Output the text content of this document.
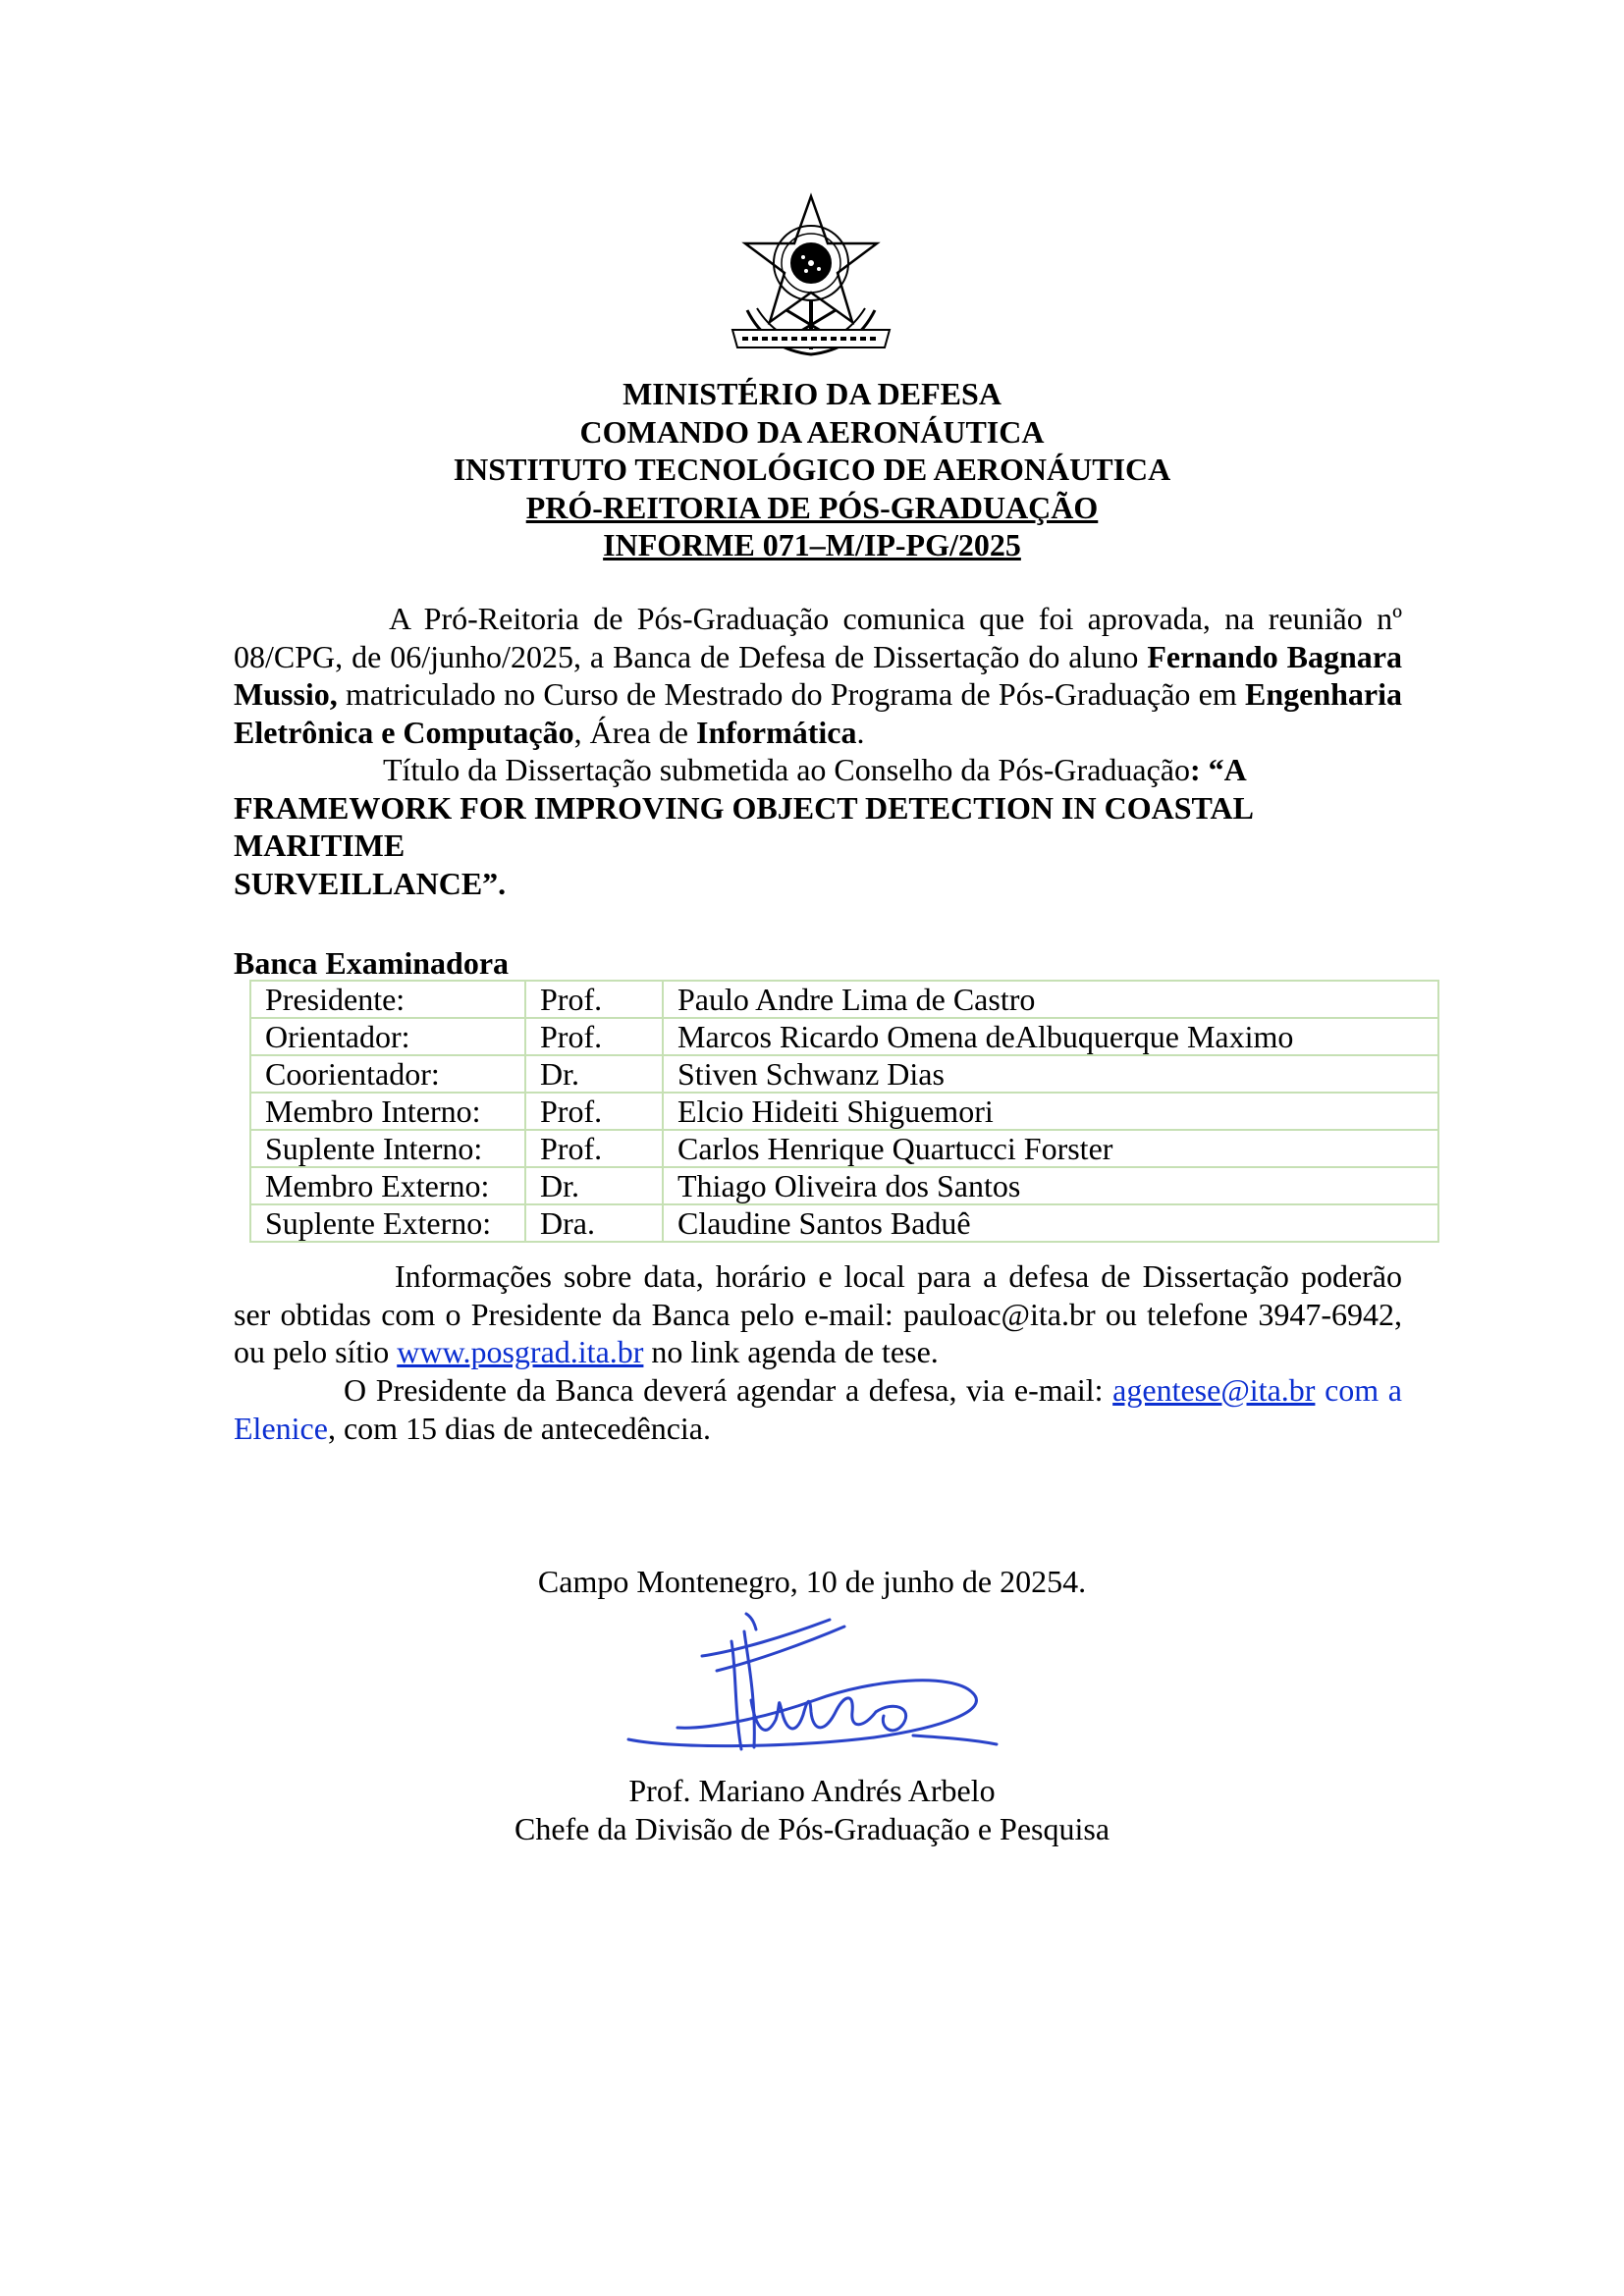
MINISTÉRIO DA DEFESA
COMANDO DA AERONÁUTICA
INSTITUTO TECNOLÓGICO DE AERONÁUTICA
PRÓ-REITORIA DE PÓS-GRADUAÇÃO
INFORME 071–M/IP-PG/2025
A Pró-Reitoria de Pós-Graduação comunica que foi aprovada, na reunião nº 08/CPG, de 06/junho/2025, a Banca de Defesa de Dissertação do aluno Fernando Bagnara Mussio, matriculado no Curso de Mestrado do Programa de Pós-Graduação em Engenharia Eletrônica e Computação, Área de Informática.
Título da Dissertação submetida ao Conselho da Pós-Graduação: “A
FRAMEWORK FOR IMPROVING OBJECT DETECTION IN COASTAL
MARITIME
SURVEILLANCE”.
Banca Examinadora
Presidente:	Prof.	Paulo Andre Lima de Castro
Orientador:	Prof.	Marcos Ricardo Omena deAlbuquerque Maximo
Coorientador:	Dr.	Stiven Schwanz Dias
Membro Interno:	Prof.	Elcio Hideiti Shiguemori
Suplente Interno:	Prof.	Carlos Henrique Quartucci Forster
Membro Externo:	Dr.	Thiago Oliveira dos Santos
Suplente Externo:	Dra.	Claudine Santos Baduê
Informações sobre data, horário e local para a defesa de Dissertação poderão ser obtidas com o Presidente da Banca pelo e-mail: pauloac@ita.br ou telefone 3947-6942, ou pelo sítio www.posgrad.ita.br no link agenda de tese.
O Presidente da Banca deverá agendar a defesa, via e-mail: agentese@ita.br com a Elenice, com 15 dias de antecedência.
Campo Montenegro, 10 de junho de 20254.
Prof. Mariano Andrés Arbelo
Chefe da Divisão de Pós-Graduação e Pesquisa
